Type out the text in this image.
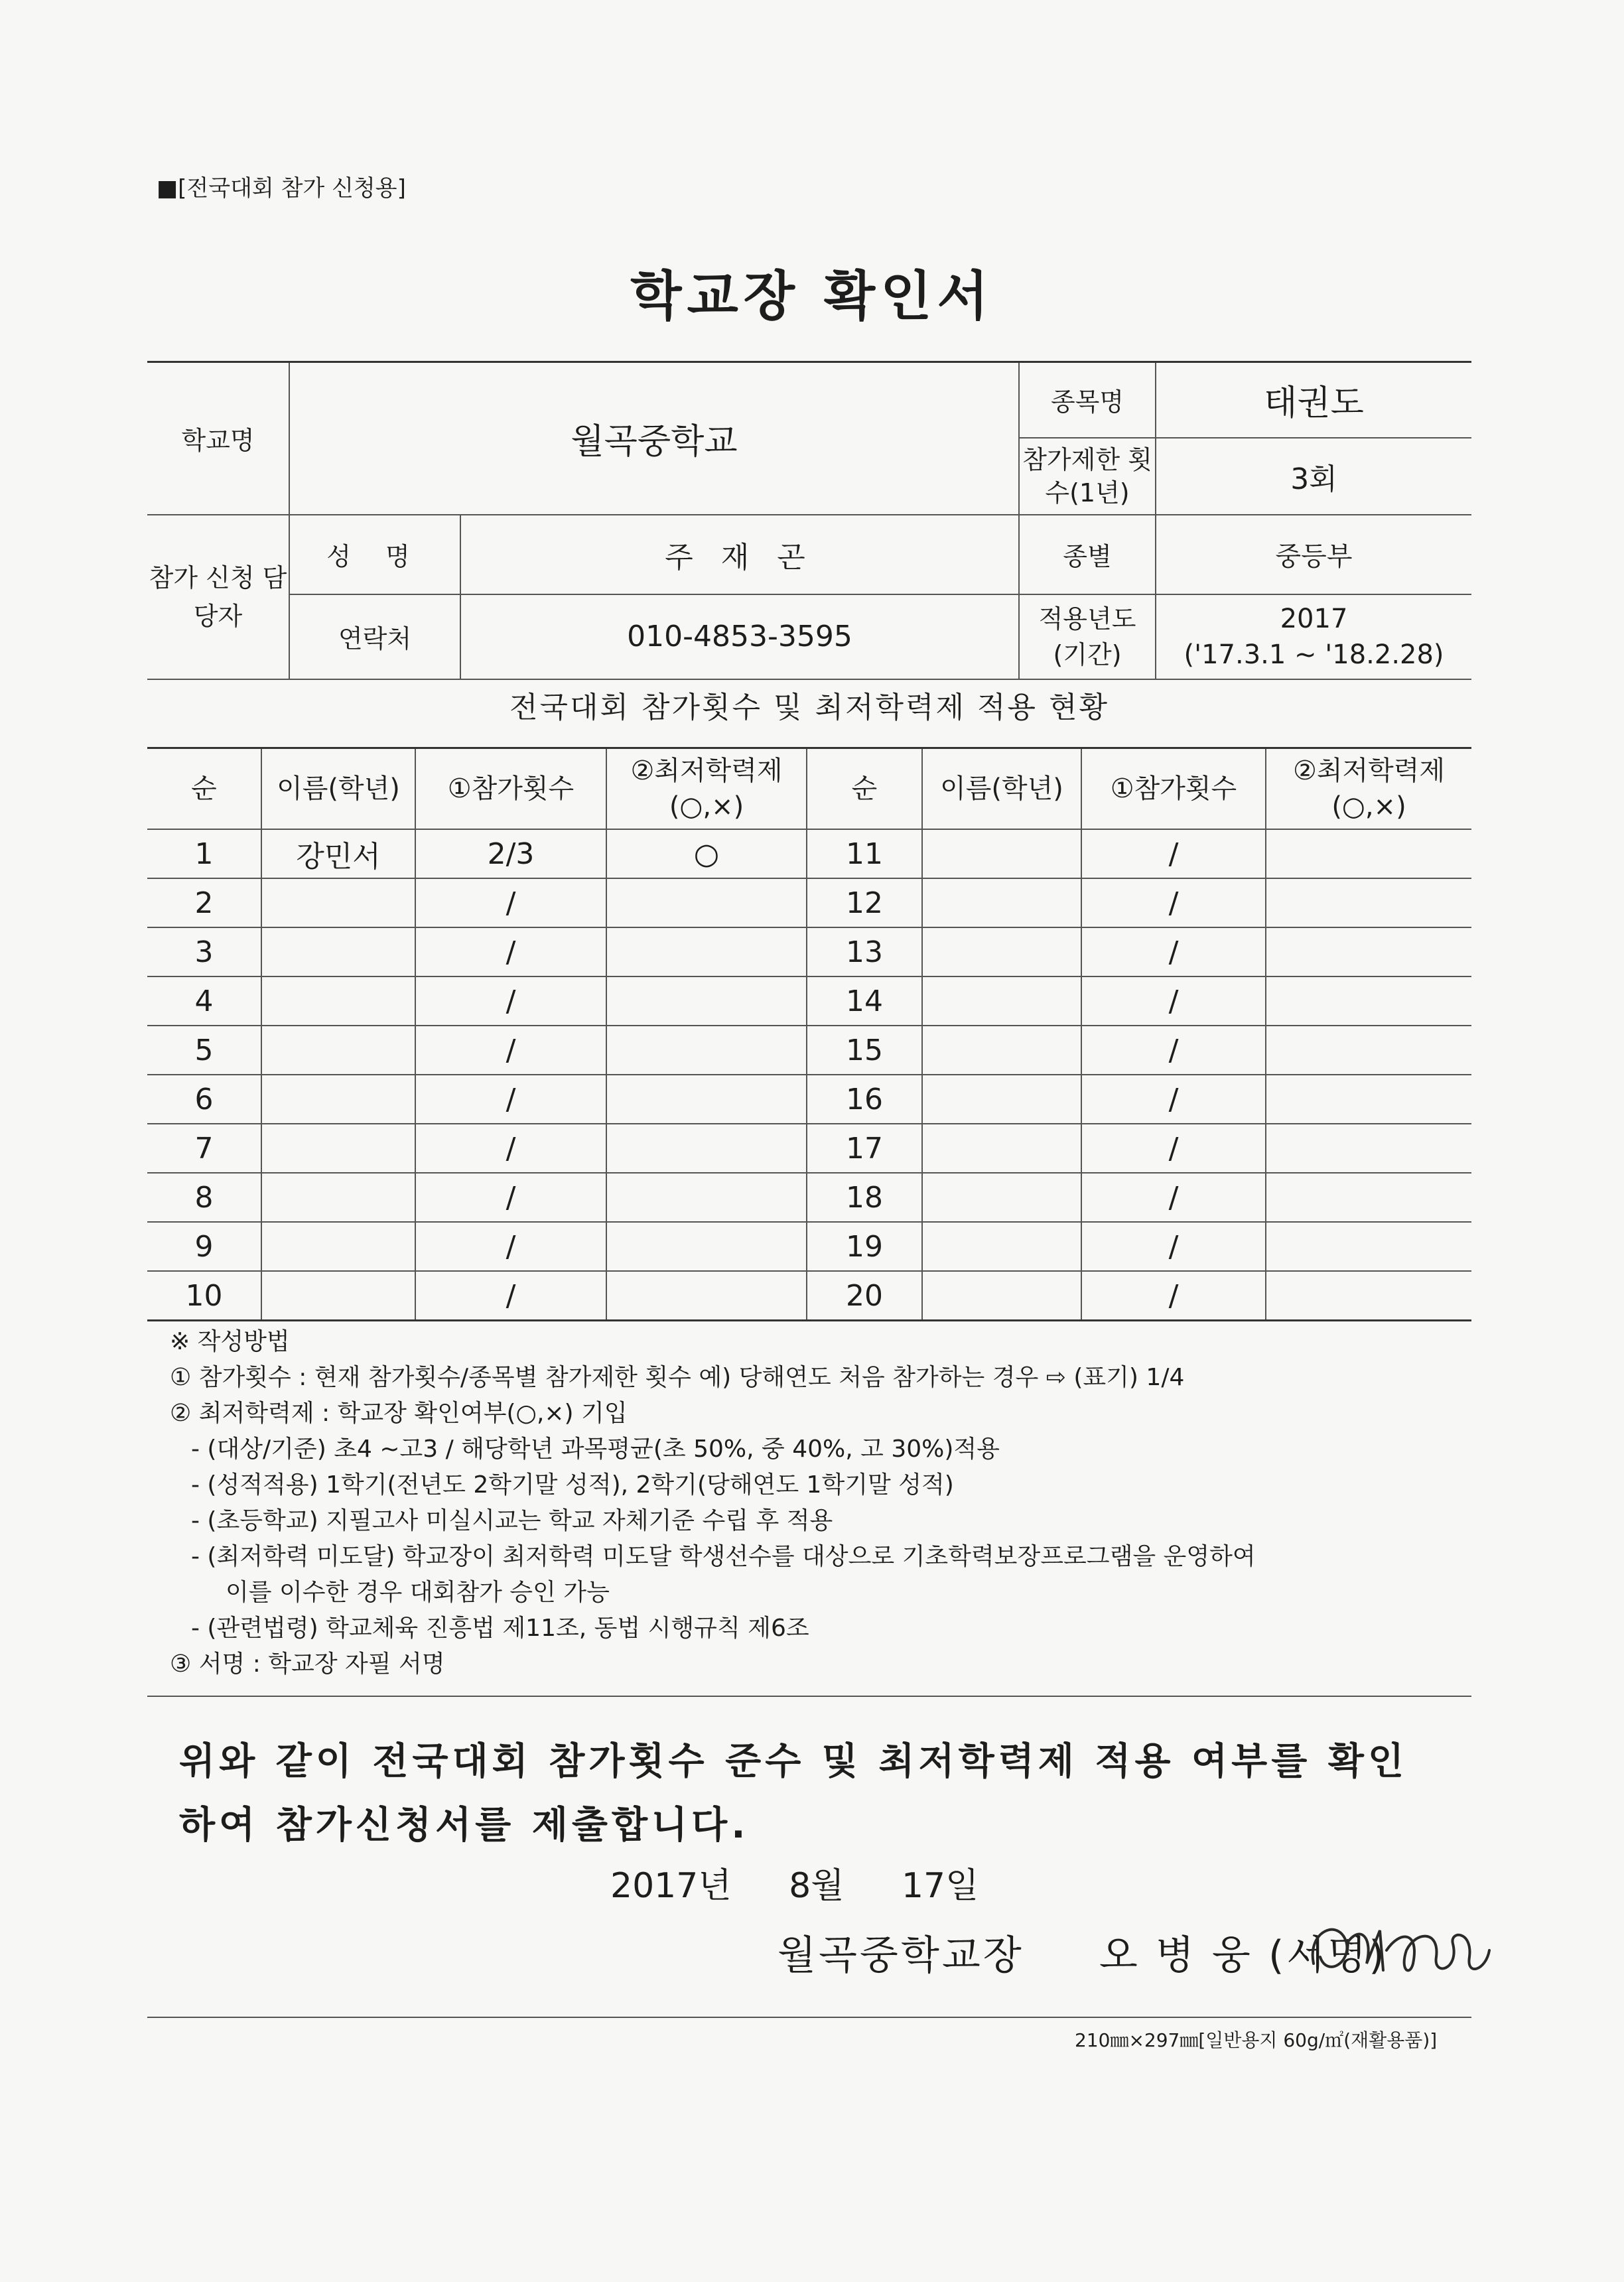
■[전국대회 참가 신청용]
학교장 확인서
학교명	월곡중학교		종목명	태권도
			참가제한 횟수(1년)	3회
참가 신청 담당자	성 명	주 재 곤	종별	중등부
	연락처	010-4853-3595	적용년도 (기간)	2017
('17.3.1 ~ '18.2.28)
전국대회 참가횟수 및 최저학력제 적용 현황
순	이름(학년)	①참가횟수	②최저학력제 (○,×)	순	이름(학년)	①참가횟수	②최저학력제 (○,×)
1	강민서	2/3	○	11		/	
2		/		12		/	
3		/		13		/	
4		/		14		/	
5		/		15		/	
6		/		16		/	
7		/		17		/	
8		/		18		/	
9		/		19		/	
10		/		20		/	
※ 작성방법
① 참가횟수 : 현재 참가횟수/종목별 참가제한 횟수 예) 당해연도 처음 참가하는 경우 ⇨ (표기) 1/4
② 최저학력제 : 학교장 확인여부(○,×) 기입
- (대상/기준) 초4 ~고3 / 해당학년 과목평균(초 50%, 중 40%, 고 30%)적용
- (성적적용) 1학기(전년도 2학기말 성적), 2학기(당해연도 1학기말 성적)
- (초등학교) 지필고사 미실시교는 학교 자체기준 수립 후 적용
- (최저학력 미도달) 학교장이 최저학력 미도달 학생선수를 대상으로 기초학력보장프로그램을 운영하여
이를 이수한 경우 대회참가 승인 가능
- (관련법령) 학교체육 진흥법 제11조, 동법 시행규칙 제6조
③ 서명 : 학교장 자필 서명
위와 같이 전국대회 참가횟수 준수 및 최저학력제 적용 여부를 확인
하여 참가신청서를 제출합니다.
2017년 8월 17일
월곡중학교장 오 병 웅 (서명)
210㎜×297㎜[일반용지 60g/㎡(재활용품)]
